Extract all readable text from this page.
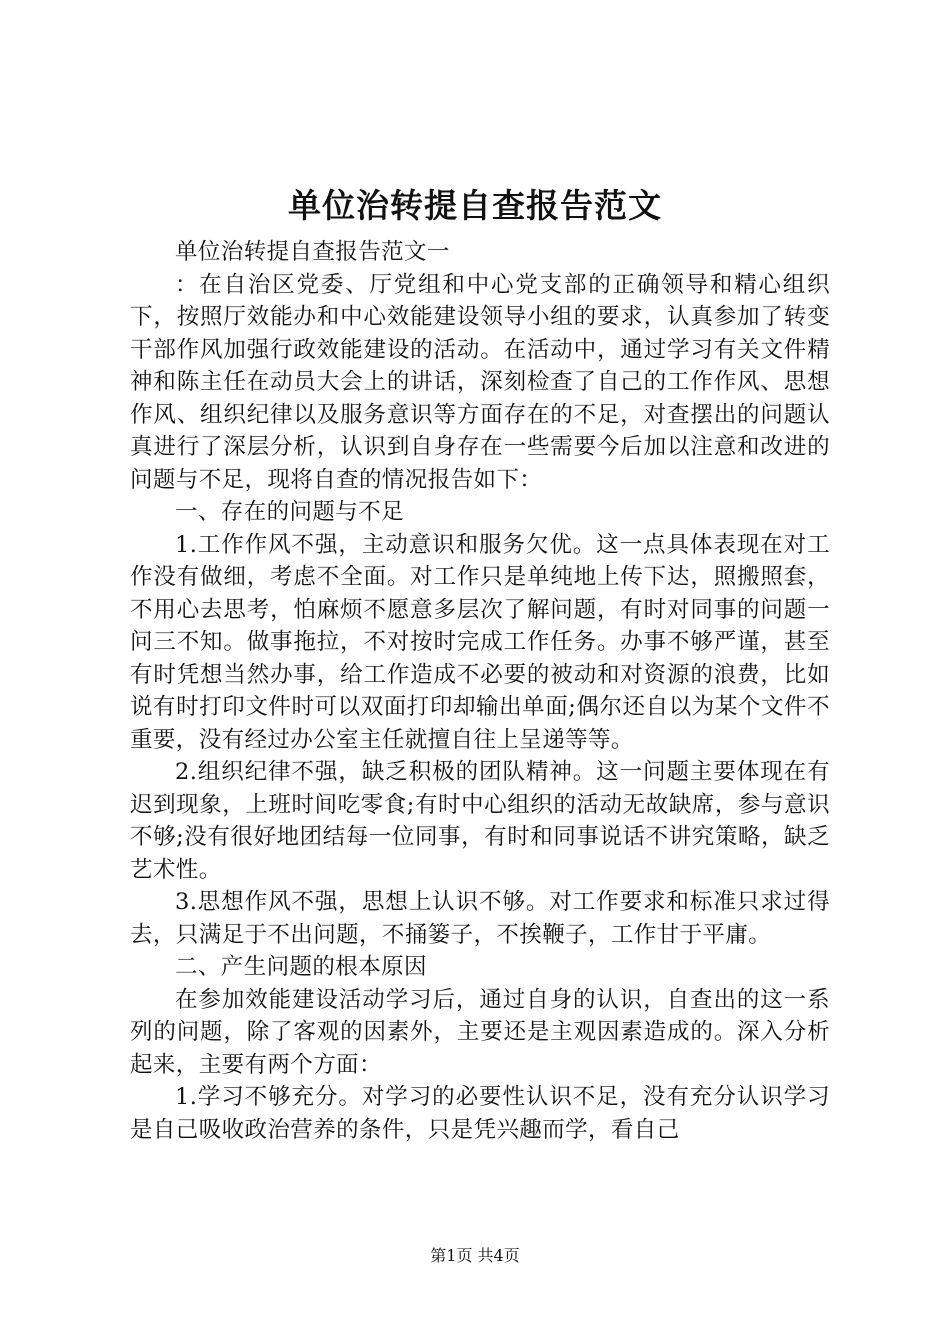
单位治转提自查报告范文

单位治转提自查报告范文一

：在自治区党委、厅党组和中心党支部的正确领导和精心组织下，按照厅效能办和中心效能建设领导小组的要求，认真参加了转变干部作风加强行政效能建设的活动。在活动中，通过学习有关文件精神和陈主任在动员大会上的讲话，深刻检查了自己的工作作风、思想作风、组织纪律以及服务意识等方面存在的不足，对查摆出的问题认真进行了深层分析，认识到自身存在一些需要今后加以注意和改进的问题与不足，现将自查的情况报告如下：

一、存在的问题与不足

1.工作作风不强，主动意识和服务欠优。这一点具体表现在对工作没有做细，考虑不全面。对工作只是单纯地上传下达，照搬照套，不用心去思考，怕麻烦不愿意多层次了解问题，有时对同事的问题一问三不知。做事拖拉，不对按时完成工作任务。办事不够严谨，甚至有时凭想当然办事，给工作造成不必要的被动和对资源的浪费，比如说有时打印文件时可以双面打印却输出单面;偶尔还自以为某个文件不重要，没有经过办公室主任就擅自往上呈递等等。

2.组织纪律不强，缺乏积极的团队精神。这一问题主要体现在有迟到现象，上班时间吃零食;有时中心组织的活动无故缺席，参与意识不够;没有很好地团结每一位同事，有时和同事说话不讲究策略，缺乏艺术性。

3.思想作风不强，思想上认识不够。对工作要求和标准只求过得去，只满足于不出问题，不捅篓子，不挨鞭子，工作甘于平庸。

二、产生问题的根本原因

在参加效能建设活动学习后，通过自身的认识，自查出的这一系列的问题，除了客观的因素外，主要还是主观因素造成的。深入分析起来，主要有两个方面：

1.学习不够充分。对学习的必要性认识不足，没有充分认识学习是自己吸收政治营养的条件，只是凭兴趣而学，看自己

第1页 共4页
